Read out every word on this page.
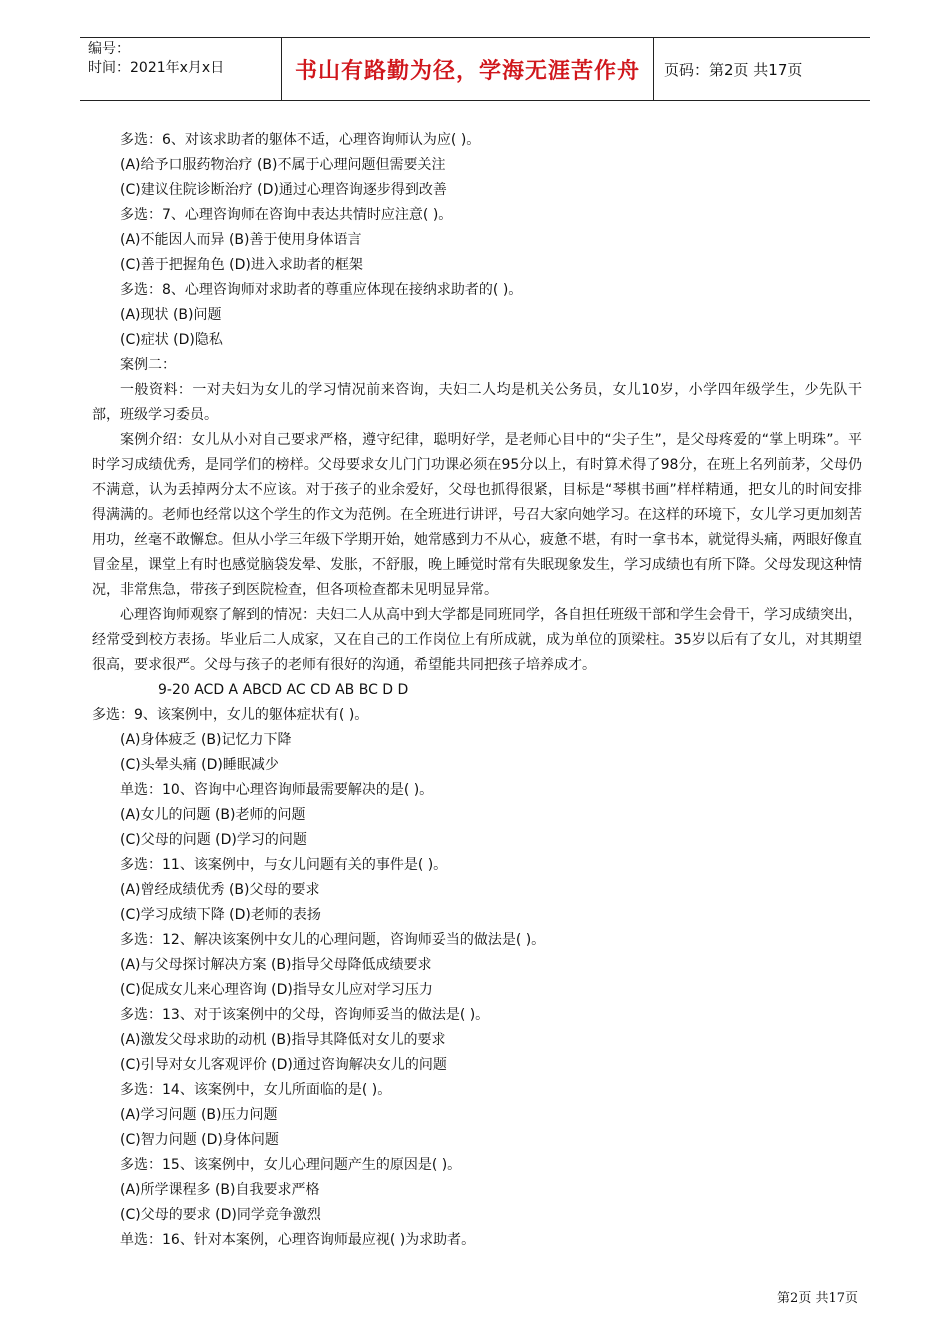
编号：
时间：2021年x月x日	书山有路勤为径，学海无涯苦作舟	页码：第2页 共17页
多选：6、对该求助者的躯体不适，心理咨询师认为应( )。
(A)给予口服药物治疗 (B)不属于心理问题但需要关注
(C)建议住院诊断治疗 (D)通过心理咨询逐步得到改善
多选：7、心理咨询师在咨询中表达共情时应注意( )。
(A)不能因人而异 (B)善于使用身体语言
(C)善于把握角色 (D)进入求助者的框架
多选：8、心理咨询师对求助者的尊重应体现在接纳求助者的( )。
(A)现状 (B)问题
(C)症状 (D)隐私
案例二：
一般资料：一对夫妇为女儿的学习情况前来咨询，夫妇二人均是机关公务员，女儿10岁，小学四年级学生，少先队干部，班级学习委员。
案例介绍：女儿从小对自己要求严格，遵守纪律，聪明好学，是老师心目中的“尖子生”，是父母疼爱的“掌上明珠”。平时学习成绩优秀，是同学们的榜样。父母要求女儿门门功课必须在95分以上，有时算术得了98分，在班上名列前茅，父母仍不满意，认为丢掉两分太不应该。对于孩子的业余爱好，父母也抓得很紧，目标是“琴棋书画”样样精通，把女儿的时间安排得满满的。老师也经常以这个学生的作文为范例。在全班进行讲评，号召大家向她学习。在这样的环境下，女儿学习更加刻苦用功，丝毫不敢懈怠。但从小学三年级下学期开始，她常感到力不从心，疲惫不堪，有时一拿书本，就觉得头痛，两眼好像直冒金星，课堂上有时也感觉脑袋发晕、发胀，不舒服，晚上睡觉时常有失眠现象发生，学习成绩也有所下降。父母发现这种情况，非常焦急，带孩子到医院检查，但各项检查都未见明显异常。
心理咨询师观察了解到的情况：夫妇二人从高中到大学都是同班同学，各自担任班级干部和学生会骨干，学习成绩突出，经常受到校方表扬。毕业后二人成家，又在自己的工作岗位上有所成就，成为单位的顶梁柱。35岁以后有了女儿，对其期望很高，要求很严。父母与孩子的老师有很好的沟通，希望能共同把孩子培养成才。
9-20 ACD A ABCD AC CD AB BC D D
多选：9、该案例中，女儿的躯体症状有( )。
(A)身体疲乏 (B)记忆力下降
(C)头晕头痛 (D)睡眠减少
单选：10、咨询中心理咨询师最需要解决的是( )。
(A)女儿的问题 (B)老师的问题
(C)父母的问题 (D)学习的问题
多选：11、该案例中，与女儿问题有关的事件是( )。
(A)曾经成绩优秀 (B)父母的要求
(C)学习成绩下降 (D)老师的表扬
多选：12、解决该案例中女儿的心理问题，咨询师妥当的做法是( )。
(A)与父母探讨解决方案 (B)指导父母降低成绩要求
(C)促成女儿来心理咨询 (D)指导女儿应对学习压力
多选：13、对于该案例中的父母，咨询师妥当的做法是( )。
(A)激发父母求助的动机 (B)指导其降低对女儿的要求
(C)引导对女儿客观评价 (D)通过咨询解决女儿的问题
多选：14、该案例中，女儿所面临的是( )。
(A)学习问题 (B)压力问题
(C)智力问题 (D)身体问题
多选：15、该案例中，女儿心理问题产生的原因是( )。
(A)所学课程多 (B)自我要求严格
(C)父母的要求 (D)同学竞争激烈
单选：16、针对本案例，心理咨询师最应视( )为求助者。
第2页 共17页
